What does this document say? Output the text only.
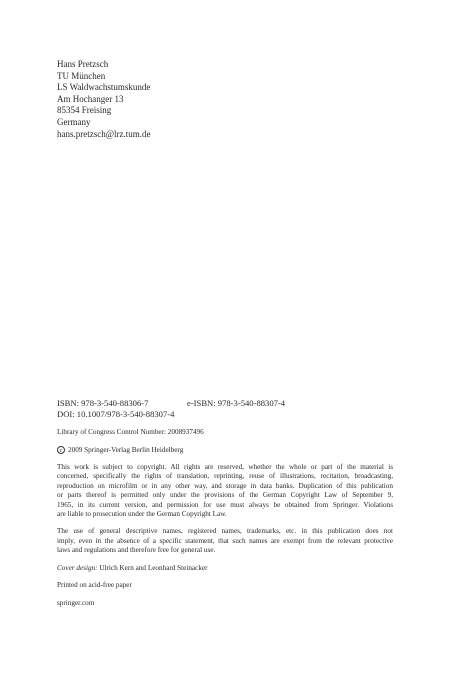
Hans Pretzsch
TU München
LS Waldwachstumskunde
Am Hochanger 13
85354 Freising
Germany
hans.pretzsch@lrz.tum.de
ISBN: 978-3-540-88306-7	e-ISBN: 978-3-540-88307-4
DOI: 10.1007/978-3-540-88307-4
Library of Congress Control Number: 2008937496
c 2009 Springer-Verlag Berlin Heidelberg
This work is subject to copyright. All rights are reserved, whether the whole or part of the material is
concerned, specifically the rights of translation, reprinting, reuse of illustrations, recitation, broadcasting,
reproduction on microfilm or in any other way, and storage in data banks. Duplication of this publication
or parts thereof is permitted only under the provisions of the German Copyright Law of September 9,
1965, in its current version, and permission for use must always be obtained from Springer. Violations
are liable to prosecution under the German Copyright Law.
The use of general descriptive names, registered names, trademarks, etc. in this publication does not
imply, even in the absence of a specific statement, that such names are exempt from the relevant protective
laws and regulations and therefore free for general use.
Cover design: Ulrich Kern and Leonhard Steinacker
Printed on acid-free paper
springer.com
